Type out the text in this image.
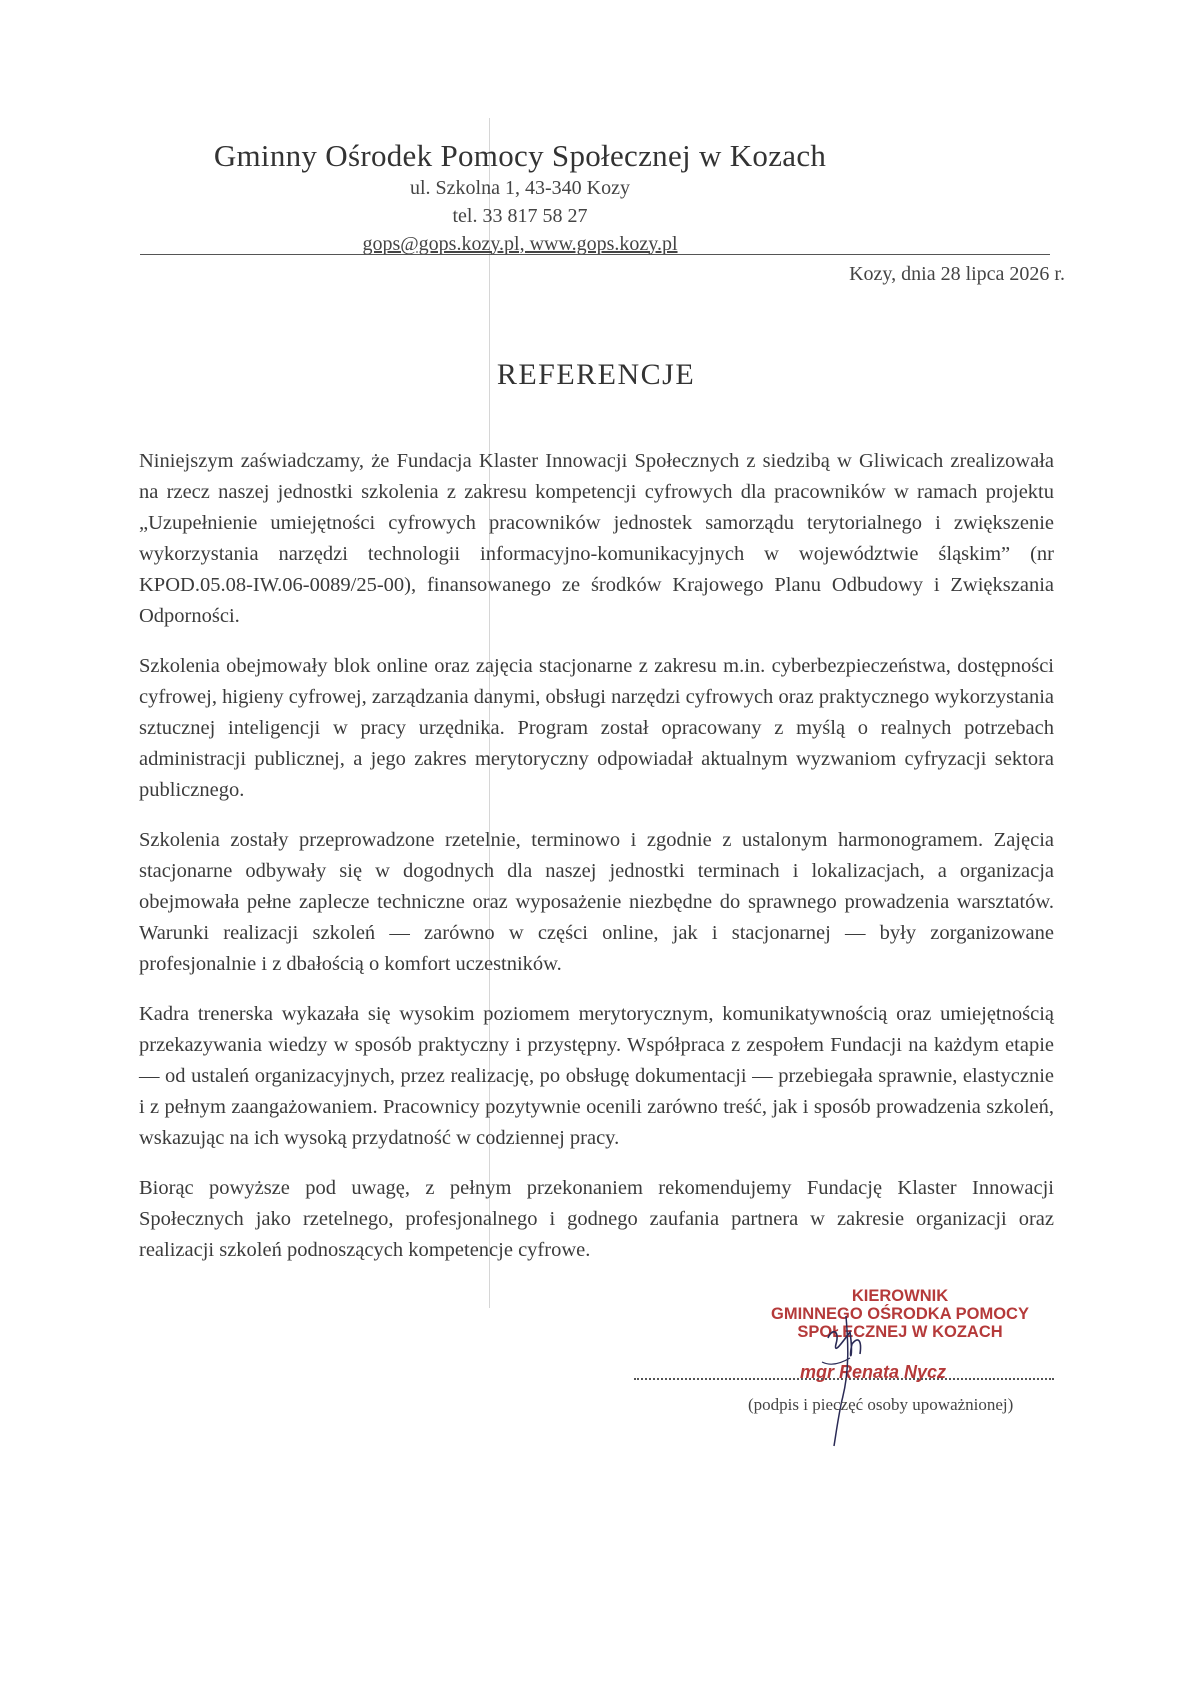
Gminny Ośrodek Pomocy Społecznej w Kozach
ul. Szkolna 1, 43-340 Kozy
tel. 33 817 58 27
gops@gops.kozy.pl, www.gops.kozy.pl
Kozy, dnia 28 lipca 2026 r.
REFERENCJE

Niniejszym zaświadczamy, że Fundacja Klaster Innowacji Społecznych z siedzibą w Gliwicach zrealizowała na rzecz naszej jednostki szkolenia z zakresu kompetencji cyfrowych dla pracowników w ramach projektu „Uzupełnienie umiejętności cyfrowych pracowników jednostek samorządu terytorialnego i zwiększenie wykorzystania narzędzi technologii informacyjno-komunikacyjnych w województwie śląskim” (nr KPOD.05.08-IW.06-0089/25-00), finansowanego ze środków Krajowego Planu Odbudowy i Zwiększania Odporności.

Szkolenia obejmowały blok online oraz zajęcia stacjonarne z zakresu m.in. cyberbezpieczeństwa, dostępności cyfrowej, higieny cyfrowej, zarządzania danymi, obsługi narzędzi cyfrowych oraz praktycznego wykorzystania sztucznej inteligencji w pracy urzędnika. Program został opracowany z myślą o realnych potrzebach administracji publicznej, a jego zakres merytoryczny odpowiadał aktualnym wyzwaniom cyfryzacji sektora publicznego.

Szkolenia zostały przeprowadzone rzetelnie, terminowo i zgodnie z ustalonym harmonogramem. Zajęcia stacjonarne odbywały się w dogodnych dla naszej jednostki terminach i lokalizacjach, a organizacja obejmowała pełne zaplecze techniczne oraz wyposażenie niezbędne do sprawnego prowadzenia warsztatów. Warunki realizacji szkoleń — zarówno w części online, jak i stacjonarnej — były zorganizowane profesjonalnie i z dbałością o komfort uczestników.

Kadra trenerska wykazała się wysokim poziomem merytorycznym, komunikatywnością oraz umiejętnością przekazywania wiedzy w sposób praktyczny i przystępny. Współpraca z zespołem Fundacji na każdym etapie — od ustaleń organizacyjnych, przez realizację, po obsługę dokumentacji — przebiegała sprawnie, elastycznie i z pełnym zaangażowaniem. Pracownicy pozytywnie ocenili zarówno treść, jak i sposób prowadzenia szkoleń, wskazując na ich wysoką przydatność w codziennej pracy.

Biorąc powyższe pod uwagę, z pełnym przekonaniem rekomendujemy Fundację Klaster Innowacji Społecznych jako rzetelnego, profesjonalnego i godnego zaufania partnera w zakresie organizacji oraz realizacji szkoleń podnoszących kompetencje cyfrowe.

KIEROWNIK
GMINNEGO OŚRODKA POMOCY
SPOŁECZNEJ W KOZACH
mgr Renata Nycz
(podpis i pieczęć osoby upoważnionej)
